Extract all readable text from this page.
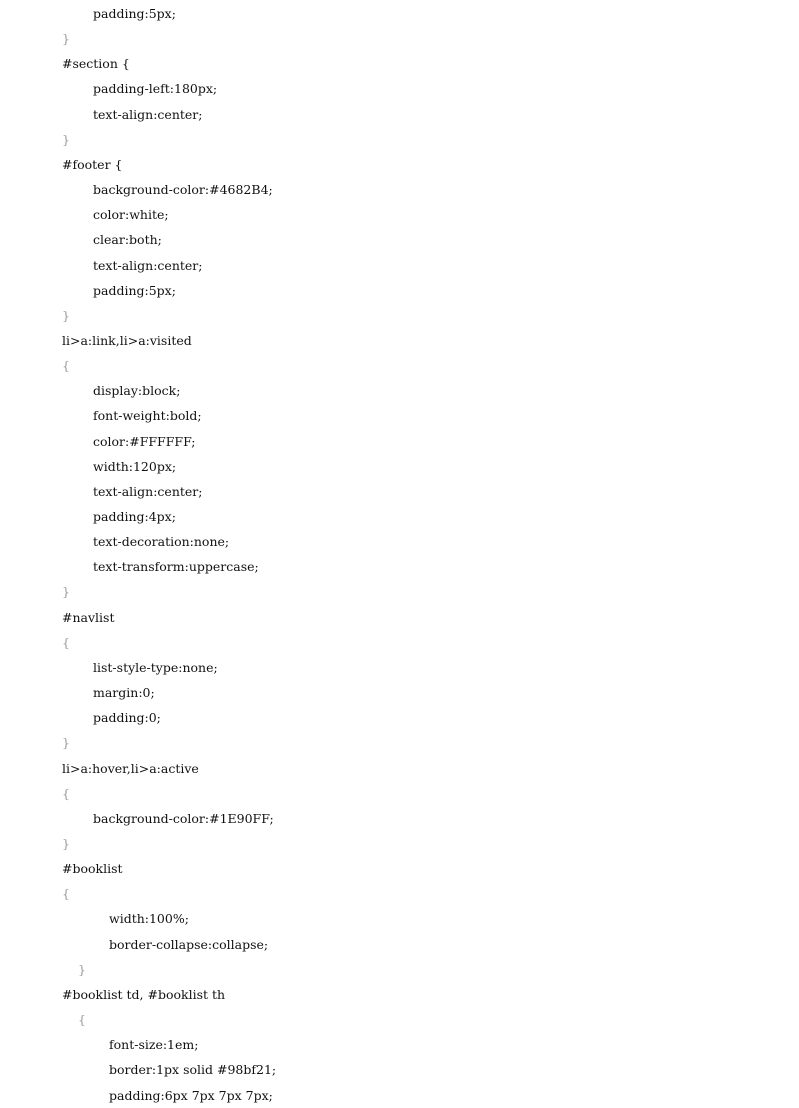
padding:5px;
}
#section {
padding-left:180px;
text-align:center;
}
#footer {
background-color:#4682B4;
color:white;
clear:both;
text-align:center;
padding:5px;
}
li>a:link,li>a:visited
{
display:block;
font-weight:bold;
color:#FFFFFF;
width:120px;
text-align:center;
padding:4px;
text-decoration:none;
text-transform:uppercase;
}
#navlist
{
list-style-type:none;
margin:0;
padding:0;
}
li>a:hover,li>a:active
{
background-color:#1E90FF;
}
#booklist
{
width:100%;
border-collapse:collapse;
}
#booklist td, #booklist th
{
font-size:1em;
border:1px solid #98bf21;
padding:6px 7px 7px 7px;
